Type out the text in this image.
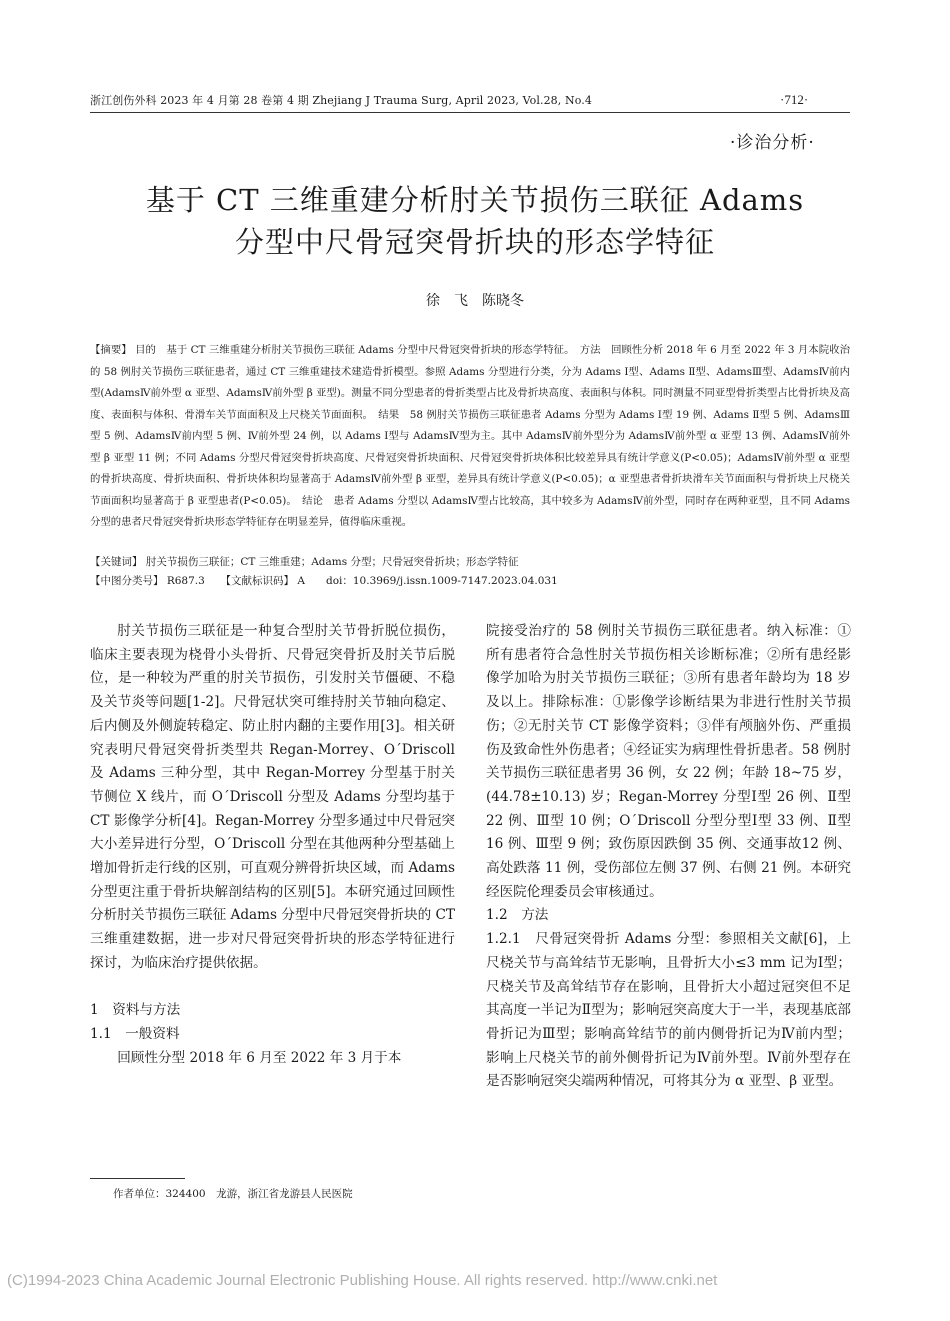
浙江创伤外科 2023 年 4 月第 28 卷第 4 期 Zhejiang J Trauma Surg, April 2023, Vol.28, No.4	·712·
·诊治分析·
基于 CT 三维重建分析肘关节损伤三联征 Adams
分型中尺骨冠突骨折块的形态学特征
徐　飞　陈晓冬

【摘要】 目的　基于 CT 三维重建分析肘关节损伤三联征 Adams 分型中尺骨冠突骨折块的形态学特征。　方法　回顾性分析 2018 年 6 月至 2022 年 3 月本院收治的 58 例肘关节损伤三联征患者，通过 CT 三维重建技术建造骨折模型。参照 Adams 分型进行分类，分为 Adams Ⅰ型、Adams Ⅱ型、AdamsⅢ型、AdamsⅣ前内型(AdamsⅣ前外型 α 亚型、AdamsⅣ前外型 β 亚型)。测量不同分型患者的骨折类型占比及骨折块高度、表面积与体积。同时测量不同亚型骨折类型占比骨折块及高度、表面积与体积、骨滑车关节面面积及上尺桡关节面面积。　结果　58 例肘关节损伤三联征患者 Adams 分型为 Adams Ⅰ型 19 例、Adams Ⅱ型 5 例、AdamsⅢ型 5 例、AdamsⅣ前内型 5 例、Ⅳ前外型 24 例，以 Adams Ⅰ型与 AdamsⅣ型为主。其中 AdamsⅣ前外型分为 AdamsⅣ前外型 α 亚型 13 例、AdamsⅣ前外型 β 亚型 11 例；不同 Adams 分型尺骨冠突骨折块高度、尺骨冠突骨折块面积、尺骨冠突骨折块体积比较差异具有统计学意义(P<0.05)；AdamsⅣ前外型 α 亚型的骨折块高度、骨折块面积、骨折块体积均显著高于 AdamsⅣ前外型 β 亚型，差异具有统计学意义(P<0.05)；α 亚型患者骨折块滑车关节面面积与骨折块上尺桡关节面面积均显著高于 β 亚型患者(P<0.05)。　结论　患者 Adams 分型以 AdamsⅣ型占比较高，其中较多为 AdamsⅣ前外型，同时存在两种亚型，且不同 Adams 分型的患者尺骨冠突骨折块形态学特征存在明显差异，值得临床重视。

【关键词】 肘关节损伤三联征；CT 三维重建；Adams 分型；尺骨冠突骨折块；形态学特征
【中图分类号】 R687.3　　【文献标识码】 A　　doi：10.3969/j.issn.1009-7147.2023.04.031

肘关节损伤三联征是一种复合型肘关节骨折脱位损伤，临床主要表现为桡骨小头骨折、尺骨冠突骨折及肘关节后脱位，是一种较为严重的肘关节损伤，引发肘关节僵硬、不稳及关节炎等问题[1-2]。尺骨冠状突可维持肘关节轴向稳定、后内侧及外侧旋转稳定、防止肘内翻的主要作用[3]。相关研究表明尺骨冠突骨折类型共 Regan-Morrey、O´Driscoll 及 Adams 三种分型，其中 Regan-Morrey 分型基于肘关节侧位 X 线片，而 O´Driscoll 分型及 Adams 分型均基于 CT 影像学分析[4]。Regan-Morrey 分型多通过中尺骨冠突大小差异进行分型，O´Driscoll 分型在其他两种分型基础上增加骨折走行线的区别，可直观分辨骨折块区域，而 Adams 分型更注重于骨折块解剖结构的区别[5]。本研究通过回顾性分析肘关节损伤三联征 Adams 分型中尺骨冠突骨折块的 CT 三维重建数据，进一步对尺骨冠突骨折块的形态学特征进行探讨，为临床治疗提供依据。

1　资料与方法

1.1　一般资料

回顾性分型 2018 年 6 月至 2022 年 3 月于本

院接受治疗的 58 例肘关节损伤三联征患者。纳入标准：①所有患者符合急性肘关节损伤相关诊断标准；②所有患经影像学加哈为肘关节损伤三联征；③所有患者年龄均为 18 岁及以上。排除标准：①影像学诊断结果为非进行性肘关节损伤；②无肘关节 CT 影像学资料；③伴有颅脑外伤、严重损伤及致命性外伤患者；④经证实为病理性骨折患者。58 例肘关节损伤三联征患者男 36 例，女 22 例；年龄 18~75 岁，(44.78±10.13) 岁；Regan-Morrey 分型Ⅰ型 26 例、Ⅱ型 22 例、Ⅲ型 10 例；O´Driscoll 分型分型Ⅰ型 33 例、Ⅱ型 16 例、Ⅲ型 9 例；致伤原因跌倒 35 例、交通事故12 例、高处跌落 11 例，受伤部位左侧 37 例、右侧 21 例。本研究经医院伦理委员会审核通过。

1.2　方法

1.2.1　尺骨冠突骨折 Adams 分型：参照相关文献[6]，上尺桡关节与高耸结节无影响，且骨折大小≤3 mm 记为Ⅰ型；尺桡关节及高耸结节存在影响，且骨折大小超过冠突但不足其高度一半记为Ⅱ型为；影响冠突高度大于一半，表现基底部骨折记为Ⅲ型；影响高耸结节的前内侧骨折记为Ⅳ前内型；影响上尺桡关节的前外侧骨折记为Ⅳ前外型。Ⅳ前外型存在是否影响冠突尖端两种情况，可将其分为 α 亚型、β 亚型。

作者单位：324400　龙游，浙江省龙游县人民医院
(C)1994-2023 China Academic Journal Electronic Publishing House. All rights reserved. http://www.cnki.net
